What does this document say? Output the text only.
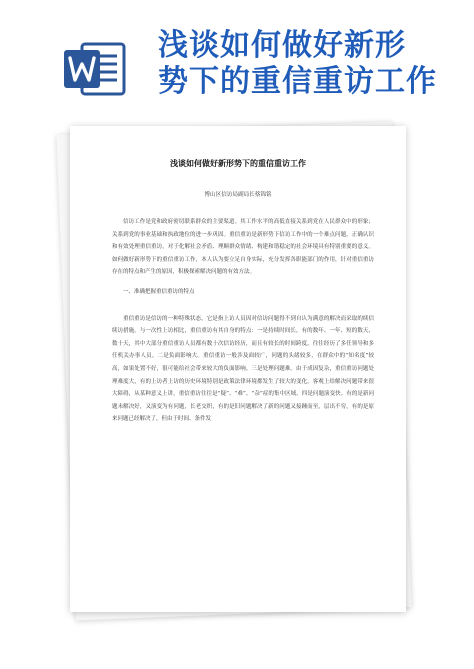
浅谈如何做好新形
势下的重信重访工作
浅谈如何做好新形势下的重信重访工作
博山区信访局副局长蔡锦铭

信访工作是党和政府密切联系群众的主要渠道。其工作水平的高低直接关系到党在人民群众中的形象；关系到党的事业基础和执政地位的进一步巩固。重信重访是新形势下信访工作中的一个难点问题，正确认识和有效处理重信重访，对于化解社会矛盾、理顺群众情绪、构建和谐稳定的社会环境具有特别重要的意义。如何做好新形势下的重信重访工作，本人认为要立足自身实际，充分发挥各职能部门的作用，针对重信重访存在的特点和产生的原因，积极探索解决问题的有效方法。

一、准确把握重信重访的特点

重信重访是信访的一种特殊状态，它是指上访人员因对信访问题得不到自认为满意的解决而采取的续信续访措施。与一次性上访相比，重信重访有其自身的特点：一是持续时间长，有的数年、一年、短的数天、数十天，其中大部分重信重访人员都有数十次信访经历，而且有较长的时间跨度，往往经历了多任领导和多任机关办事人员。二是负面影响大。重信重访一般涉及面较广，问题的头绪较多，在群众中的“知名度”较高，如果处置不好，很可能给社会带来较大的负面影响。三是处理问题难。由于成因复杂，重信重访问题处理难度大，有的上访者上访的历史环境特别是政策法律环境都发生了较大的变化，客观上给解决问题带来很大障碍，从某种意义上讲，重信重访往往是“疑”、“难”、“杂”症的集中区域。四是问题演变快。有的是新问题未解决好，又演变为有问题，长老交织，有的是旧问题解决了新的问题又接踵而至，层出不穷，有的是原来问题已经解决了，但由于时间、条件发
